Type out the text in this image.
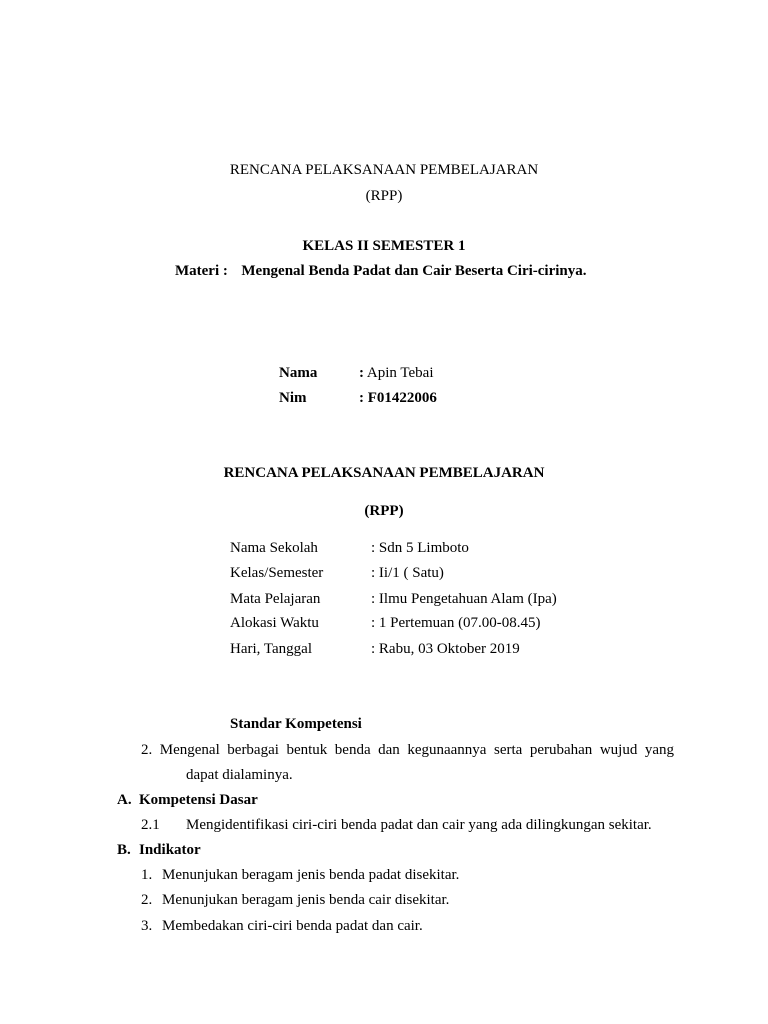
RENCANA PELAKSANAAN PEMBELAJARAN
(RPP)
KELAS II SEMESTER 1
Materi : Mengenal Benda Padat dan Cair Beserta Ciri-cirinya.
Nama	: Apin Tebai
Nim	: F01422006
RENCANA PELAKSANAAN PEMBELAJARAN
(RPP)
Nama Sekolah	: Sdn 5 Limboto
Kelas/Semester	: Ii/1 ( Satu)
Mata Pelajaran	: Ilmu Pengetahuan Alam (Ipa)
Alokasi Waktu	: 1 Pertemuan (07.00-08.45)
Hari, Tanggal	: Rabu, 03 Oktober 2019
Standar Kompetensi
2. Mengenal berbagai bentuk benda dan kegunaannya serta perubahan wujud yang
dapat dialaminya.
A. Kompetensi Dasar
2.1 Mengidentifikasi ciri-ciri benda padat dan cair yang ada dilingkungan sekitar.
B. Indikator
1. Menunjukan beragam jenis benda padat disekitar.
2. Menunjukan beragam jenis benda cair disekitar.
3. Membedakan ciri-ciri benda padat dan cair.
